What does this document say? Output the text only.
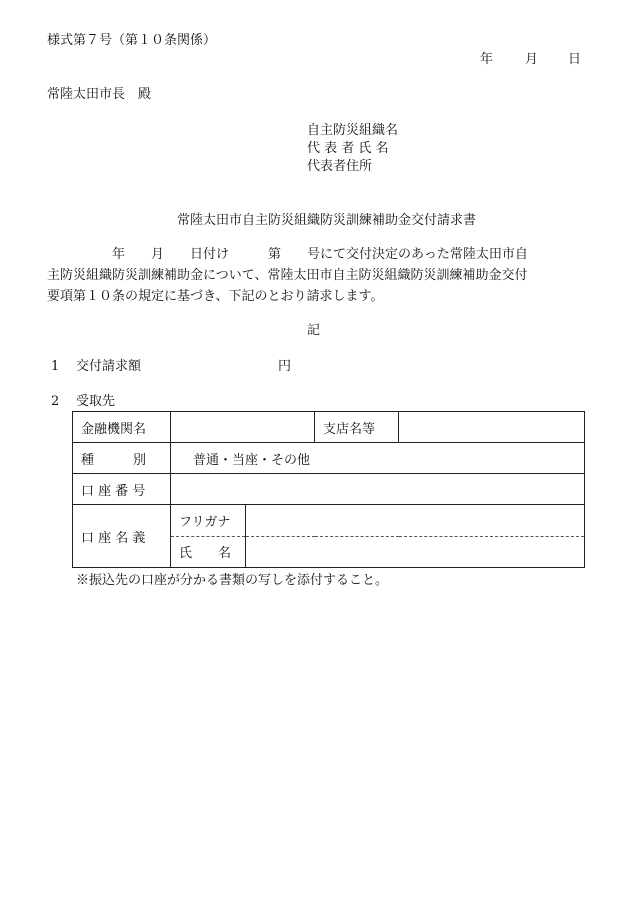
様式第７号（第１０条関係）
年 月 日
常陸太田市長　殿
自主防災組織名
代 表 者 氏 名
代表者住所
常陸太田市自主防災組織防災訓練補助金交付請求書
　　　　　年　　月　　日付け　　　第　　号にて交付決定のあった常陸太田市自
主防災組織防災訓練補助金について、常陸太田市自主防災組織防災訓練補助金交付
要項第１０条の規定に基づき、下記のとおり請求します。
記
1 交付請求額	円
2 受取先
金融機関名			支店名等	
種　　　別	普通・当座・その他			
口 座 番 号				
口 座 名 義	フリガナ			
	氏　　名			
※振込先の口座が分かる書類の写しを添付すること。
